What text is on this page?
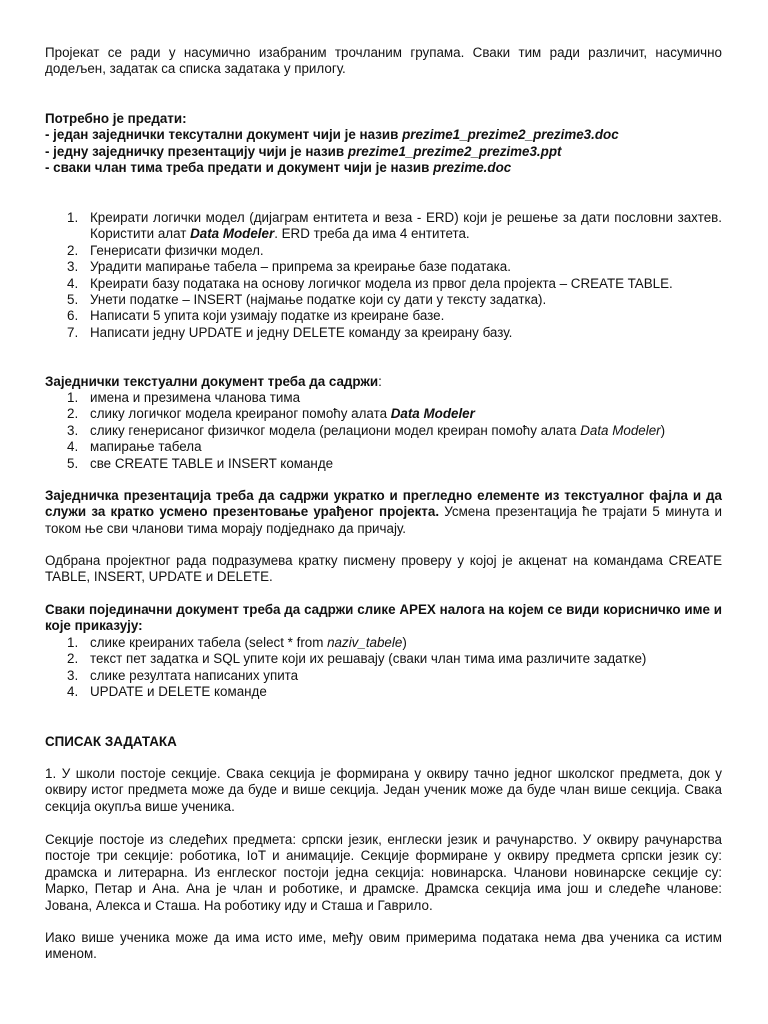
Пројекат се ради у насумично изабраним трочланим групама. Сваки тим ради различит, насумично додељен, задатак са списка задатака у прилогу.

Потребно је предати:
- један заједнички тексутални документ чији је назив prezime1_prezime2_prezime3.doc
- једну заједничку презентацију чији је назив prezime1_prezime2_prezime3.ppt
- сваки члан тима треба предати и документ чији је назив prezime.doc
1. Креирати логички модел (дијаграм ентитета и веза - ERD) који је решење за дати пословни захтев. Користити алат Data Modeler. ERD треба да има 4 ентитета.
2. Генерисати физички модел.
3. Урадити мапирање табела – припрема за креирање базе података.
4. Креирати базу података на основу логичког модела из првог дела пројекта – CREATE TABLE.
5. Унети податке – INSERT (најмање податке који су дати у тексту задатка).
6. Написати 5 упита који узимају податке из креиране базе.
7. Написати једну UPDATE и једну DELETE команду за креирану базу.
Заједнички текстуални документ треба да садржи:
1. имена и презимена чланова тима
2. слику логичког модела креираног помоћу алата Data Modeler
3. слику генерисаног физичког модела (релациони модел креиран помоћу алата Data Modeler)
4. мапирање табела
5. све CREATE TABLE и INSERT команде

Заједничка презентација треба да садржи укратко и прегледно елементе из текстуалног фајла и да служи за кратко усмено презентовање урађеног пројекта. Усмена презентација ће трајати 5 минута и током ње сви чланови тима морају подједнако да причају.

Одбрана пројектног рада подразумева кратку писмену проверу у којој је акценат на командама CREATE TABLE, INSERT, UPDATE и DELETE.

Сваки појединачни документ треба да садржи слике APEX налога на којем се види корисничко име и које приказују:

1. слике креираних табела (select * from naziv_tabele)
2. текст пет задатка и SQL упите који их решавају (сваки члан тима има различите задатке)
3. слике резултата написаних упита
4. UPDATE и DELETE команде
СПИСАК ЗАДАТАКА

1. У школи постоје секције. Свака секција је формирана у оквиру тачно једног школског предмета, док у оквиру истог предмета може да буде и више секција. Један ученик може да буде члан више секција. Свака секција окупља више ученика.

Секције постоје из следећих предмета: српски језик, енглески језик и рачунарство. У оквиру рачунарства постоје три секције: роботика, IoT и анимације. Секције формиране у оквиру предмета српски језик су: драмска и литерарна. Из енглеског постоји једна секција: новинарска. Чланови новинарске секције су: Марко, Петар и Ана. Ана је члан и роботике, и драмске. Драмска секција има још и следеће чланове: Јована, Алекса и Сташа. На роботику иду и Сташа и Гаврило.

Иако више ученика може да има исто име, међу овим примерима података нема два ученика са истим именом.
